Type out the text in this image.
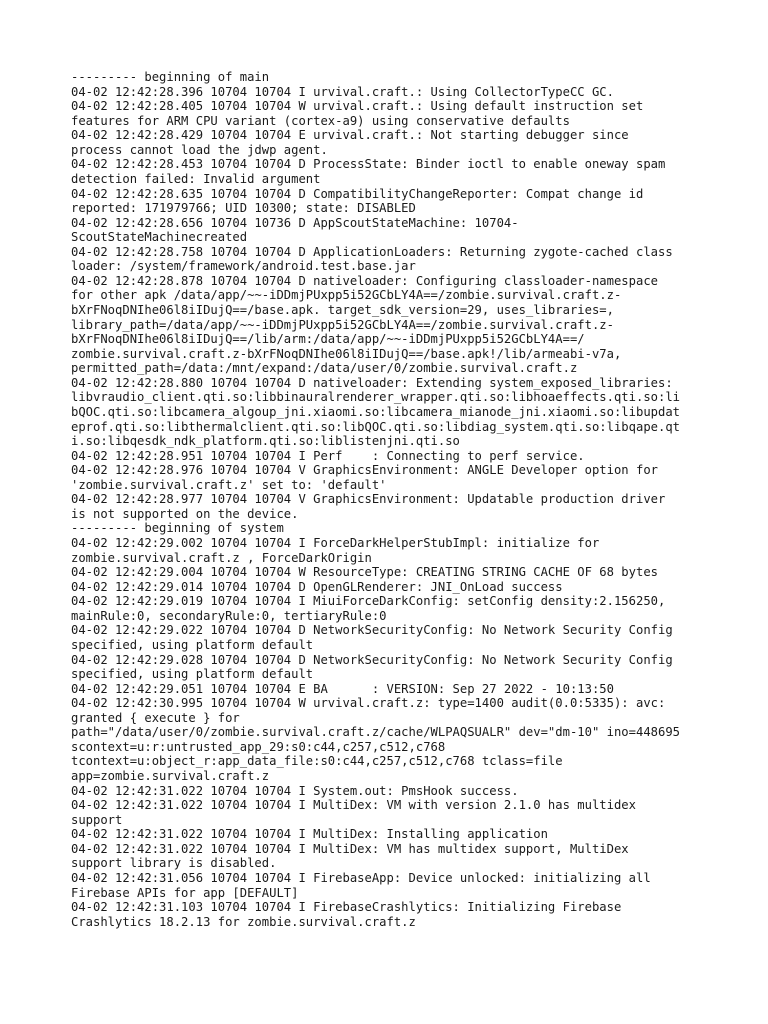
--------- beginning of main
04-02 12:42:28.396 10704 10704 I urvival.craft.: Using CollectorTypeCC GC.
04-02 12:42:28.405 10704 10704 W urvival.craft.: Using default instruction set
features for ARM CPU variant (cortex-a9) using conservative defaults
04-02 12:42:28.429 10704 10704 E urvival.craft.: Not starting debugger since
process cannot load the jdwp agent.
04-02 12:42:28.453 10704 10704 D ProcessState: Binder ioctl to enable oneway spam
detection failed: Invalid argument
04-02 12:42:28.635 10704 10704 D CompatibilityChangeReporter: Compat change id
reported: 171979766; UID 10300; state: DISABLED
04-02 12:42:28.656 10704 10736 D AppScoutStateMachine: 10704-
ScoutStateMachinecreated
04-02 12:42:28.758 10704 10704 D ApplicationLoaders: Returning zygote-cached class
loader: /system/framework/android.test.base.jar
04-02 12:42:28.878 10704 10704 D nativeloader: Configuring classloader-namespace
for other apk /data/app/~~-iDDmjPUxpp5i52GCbLY4A==/zombie.survival.craft.z-
bXrFNoqDNIhe06l8iIDujQ==/base.apk. target_sdk_version=29, uses_libraries=,
library_path=/data/app/~~-iDDmjPUxpp5i52GCbLY4A==/zombie.survival.craft.z-
bXrFNoqDNIhe06l8iIDujQ==/lib/arm:/data/app/~~-iDDmjPUxpp5i52GCbLY4A==/
zombie.survival.craft.z-bXrFNoqDNIhe06l8iIDujQ==/base.apk!/lib/armeabi-v7a,
permitted_path=/data:/mnt/expand:/data/user/0/zombie.survival.craft.z
04-02 12:42:28.880 10704 10704 D nativeloader: Extending system_exposed_libraries:
libvraudio_client.qti.so:libbinauralrenderer_wrapper.qti.so:libhoaeffects.qti.so:li
bQOC.qti.so:libcamera_algoup_jni.xiaomi.so:libcamera_mianode_jni.xiaomi.so:libupdat
eprof.qti.so:libthermalclient.qti.so:libQOC.qti.so:libdiag_system.qti.so:libqape.qt
i.so:libqesdk_ndk_platform.qti.so:liblistenjni.qti.so
04-02 12:42:28.951 10704 10704 I Perf    : Connecting to perf service.
04-02 12:42:28.976 10704 10704 V GraphicsEnvironment: ANGLE Developer option for
'zombie.survival.craft.z' set to: 'default'
04-02 12:42:28.977 10704 10704 V GraphicsEnvironment: Updatable production driver
is not supported on the device.
--------- beginning of system
04-02 12:42:29.002 10704 10704 I ForceDarkHelperStubImpl: initialize for
zombie.survival.craft.z , ForceDarkOrigin
04-02 12:42:29.004 10704 10704 W ResourceType: CREATING STRING CACHE OF 68 bytes
04-02 12:42:29.014 10704 10704 D OpenGLRenderer: JNI_OnLoad success
04-02 12:42:29.019 10704 10704 I MiuiForceDarkConfig: setConfig density:2.156250,
mainRule:0, secondaryRule:0, tertiaryRule:0
04-02 12:42:29.022 10704 10704 D NetworkSecurityConfig: No Network Security Config
specified, using platform default
04-02 12:42:29.028 10704 10704 D NetworkSecurityConfig: No Network Security Config
specified, using platform default
04-02 12:42:29.051 10704 10704 E BA      : VERSION: Sep 27 2022 - 10:13:50
04-02 12:42:30.995 10704 10704 W urvival.craft.z: type=1400 audit(0.0:5335): avc:
granted { execute } for
path="/data/user/0/zombie.survival.craft.z/cache/WLPAQSUALR" dev="dm-10" ino=448695
scontext=u:r:untrusted_app_29:s0:c44,c257,c512,c768
tcontext=u:object_r:app_data_file:s0:c44,c257,c512,c768 tclass=file
app=zombie.survival.craft.z
04-02 12:42:31.022 10704 10704 I System.out: PmsHook success.
04-02 12:42:31.022 10704 10704 I MultiDex: VM with version 2.1.0 has multidex
support
04-02 12:42:31.022 10704 10704 I MultiDex: Installing application
04-02 12:42:31.022 10704 10704 I MultiDex: VM has multidex support, MultiDex
support library is disabled.
04-02 12:42:31.056 10704 10704 I FirebaseApp: Device unlocked: initializing all
Firebase APIs for app [DEFAULT]
04-02 12:42:31.103 10704 10704 I FirebaseCrashlytics: Initializing Firebase
Crashlytics 18.2.13 for zombie.survival.craft.z
